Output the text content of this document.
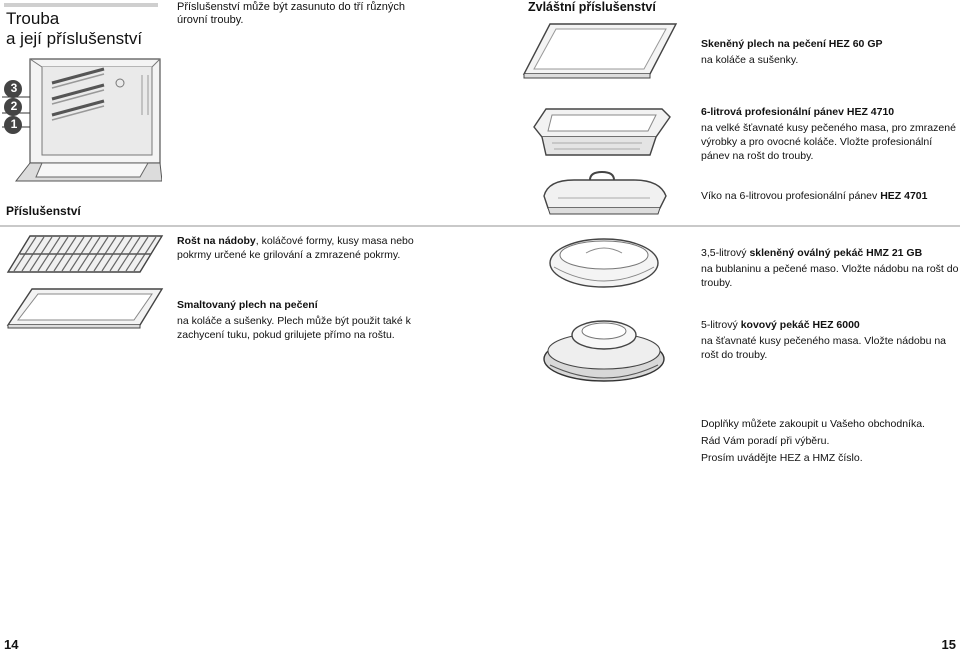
Trouba
a její příslušenství
Příslušenství může být zasunuto do tří různých úrovní trouby.
Zvláštní příslušenství
3
2
1
Příslušenství

Rošt na nádoby, koláčové formy, kusy masa nebo pokrmy určené ke grilování a zmrazené pokrmy.

Smaltovaný plech na pečení

na koláče a sušenky. Plech může být použit také k zachycení tuku, pokud grilujete přímo na roštu.

Skeněný plech na pečení HEZ 60 GP

na koláče a sušenky.

6-litrová profesionální pánev HEZ 4710

na velké šťavnaté kusy pečeného masa, pro zmrazené výrobky a pro ovocné koláče. Vložte profesionální pánev na rošt do trouby.

Víko na 6-litrovou profesionální pánev HEZ 4701

3,5-litrový skleněný oválný pekáč HMZ 21 GB

na bublaninu a pečené maso. Vložte nádobu na rošt do trouby.

5-litrový kovový pekáč HEZ 6000

na šťavnaté kusy pečeného masa. Vložte nádobu na rošt do trouby.

Doplňky můžete zakoupit u Vašeho obchodníka.

Rád Vám poradí při výběru.

Prosím uvádějte HEZ a HMZ číslo.

14	15
